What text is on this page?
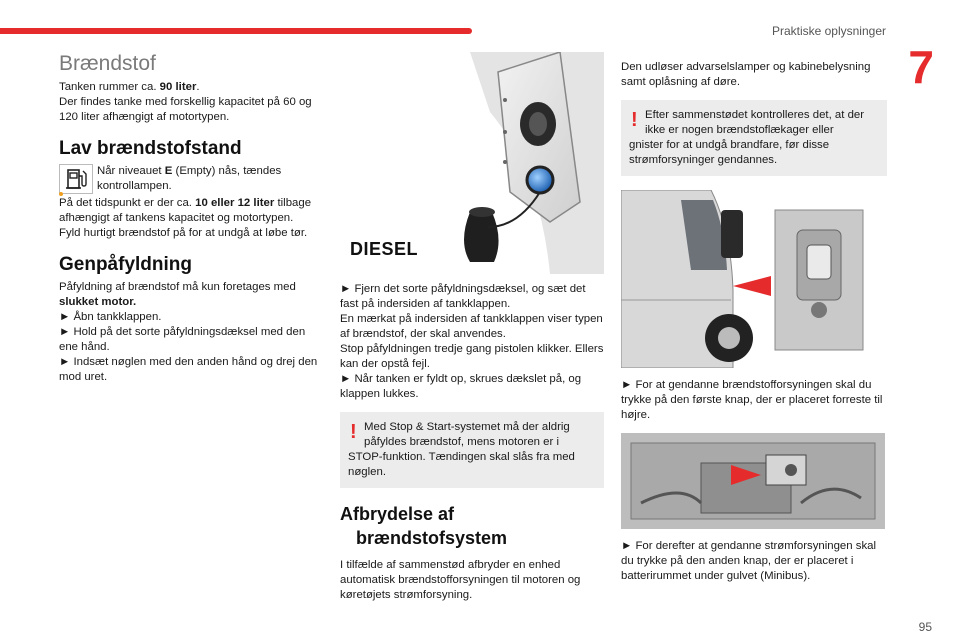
Praktiske oplysninger
7
Brændstof

Tanken rummer ca. 90 liter.
Der findes tanke med forskellig kapacitet på 60 og 120 liter afhængigt af motortypen.

Lav brændstofstand

Når niveauet E (Empty) nås, tændes kontrollampen.

På det tidspunkt er der ca. 10 eller 12 liter tilbage afhængigt af tankens kapacitet og motortypen.
Fyld hurtigt brændstof på for at undgå at løbe tør.

Genpåfyldning

Påfyldning af brændstof må kun foretages med slukket motor.
► Åbn tankklappen.
► Hold på det sorte påfyldningsdæksel med den ene hånd.
► Indsæt nøglen med den anden hånd og drej den mod uret.

DIESEL

► Fjern det sorte påfyldningsdæksel, og sæt det fast på indersiden af tankklappen.
En mærkat på indersiden af tankklappen viser typen af brændstof, der skal anvendes.
Stop påfyldningen tredje gang pistolen klikker. Ellers kan der opstå fejl.
► Når tanken er fyldt op, skrues dækslet på, og klappen lukkes.

! Med Stop & Start-systemet må der aldrig påfyldes brændstof, mens motoren er i

STOP-funktion. Tændingen skal slås fra med nøglen.

Afbrydelse af
brændstofsystem

I tilfælde af sammenstød afbryder en enhed automatisk brændstofforsyningen til motoren og køretøjets strømforsyning.

Den udløser advarselslamper og kabinebelysning samt oplåsning af døre.

! Efter sammenstødet kontrolleres det, at der ikke er nogen brændstoflækager eller

gnister for at undgå brandfare, før disse strømforsyninger gendannes.

► For at gendanne brændstofforsyningen skal du trykke på den første knap, der er placeret forreste til højre.

► For derefter at gendanne strømforsyningen skal du trykke på den anden knap, der er placeret i batterirummet under gulvet (Minibus).

95
